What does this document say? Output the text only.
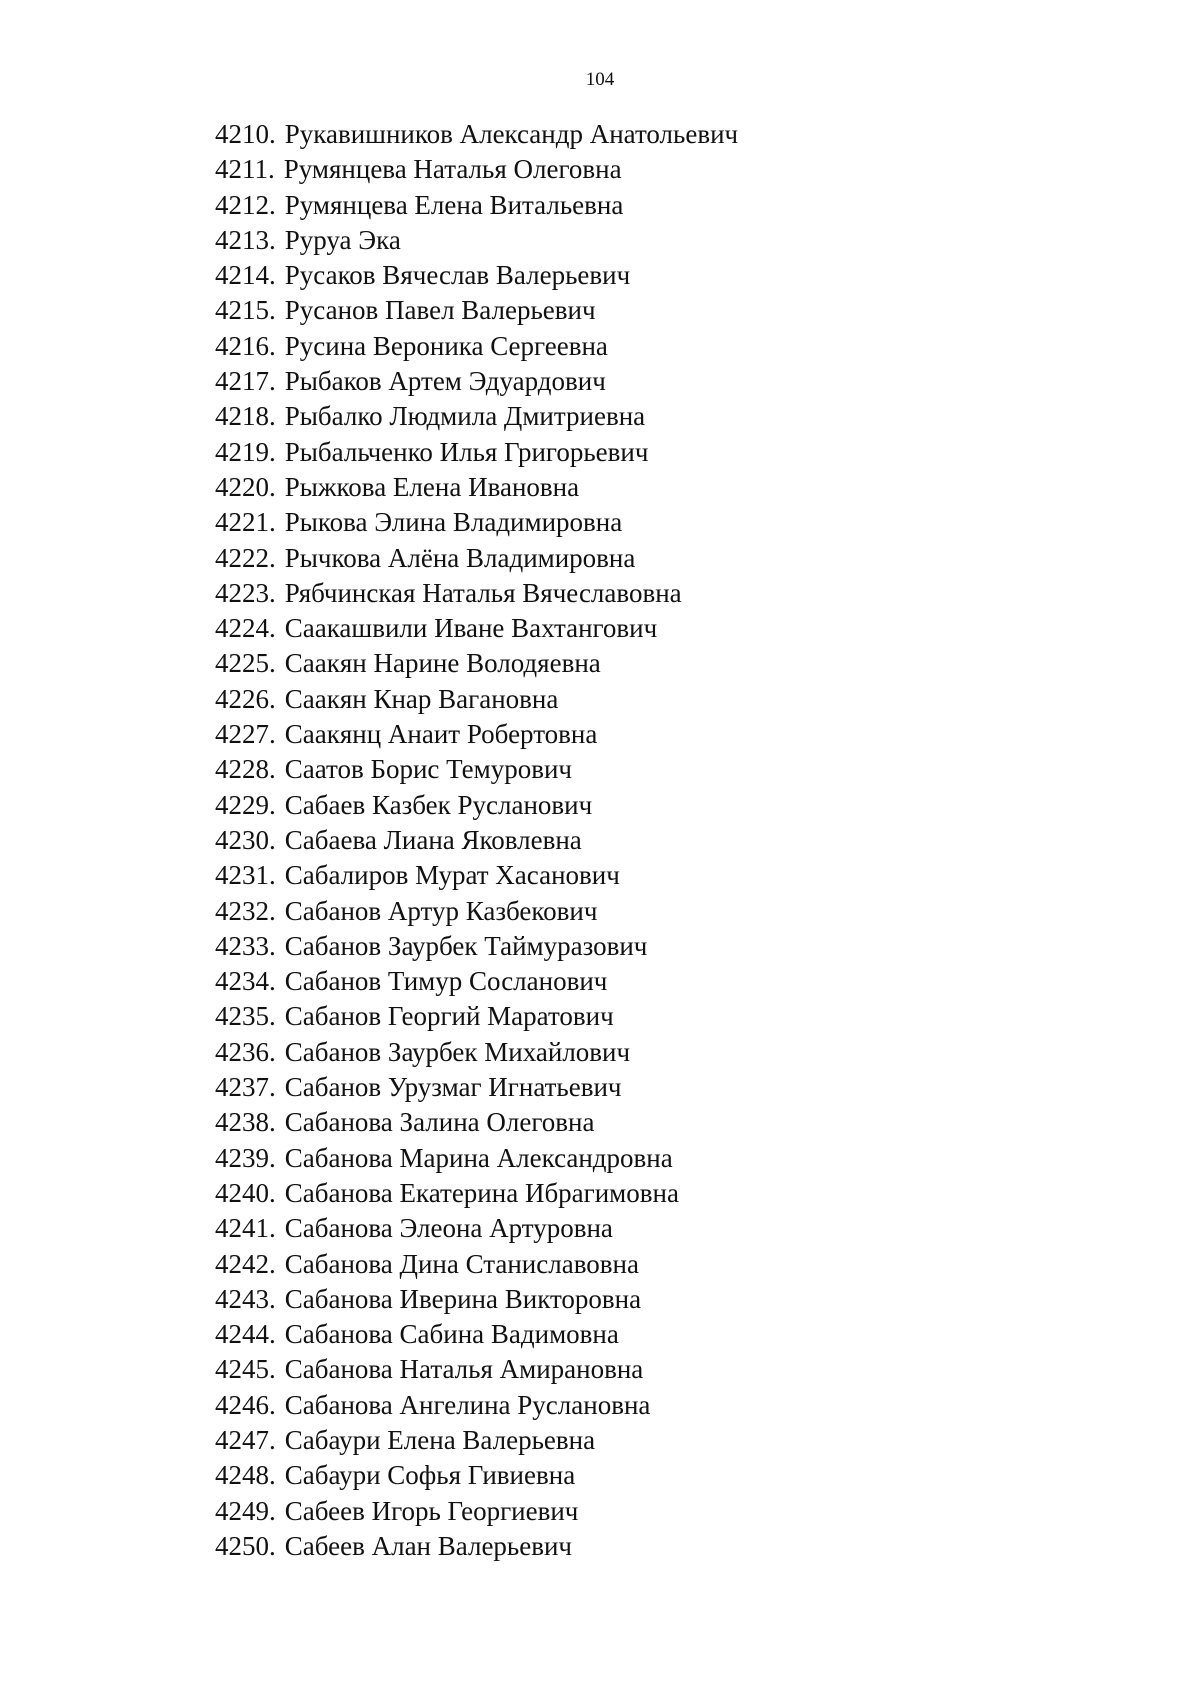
104
4210. Рукавишников Александр Анатольевич
4211. Румянцева Наталья Олеговна
4212. Румянцева Елена Витальевна
4213. Руруа Эка
4214. Русаков Вячеслав Валерьевич
4215. Русанов Павел Валерьевич
4216. Русина Вероника Сергеевна
4217. Рыбаков Артем Эдуардович
4218. Рыбалко Людмила Дмитриевна
4219. Рыбальченко Илья Григорьевич
4220. Рыжкова Елена Ивановна
4221. Рыкова Элина Владимировна
4222. Рычкова Алёна Владимировна
4223. Рябчинская Наталья Вячеславовна
4224. Саакашвили Иване Вахтангович
4225. Саакян Нарине Володяевна
4226. Саакян Кнар Вагановна
4227. Саакянц Анаит Робертовна
4228. Саатов Борис Темурович
4229. Сабаев Казбек Русланович
4230. Сабаева Лиана Яковлевна
4231. Сабалиров Мурат Хасанович
4232. Сабанов Артур Казбекович
4233. Сабанов Заурбек Таймуразович
4234. Сабанов Тимур Сосланович
4235. Сабанов Георгий Маратович
4236. Сабанов Заурбек Михайлович
4237. Сабанов Урузмаг Игнатьевич
4238. Сабанова Залина Олеговна
4239. Сабанова Марина Александровна
4240. Сабанова Екатерина Ибрагимовна
4241. Сабанова Элеона Артуровна
4242. Сабанова Дина Станиславовна
4243. Сабанова Иверина Викторовна
4244. Сабанова Сабина Вадимовна
4245. Сабанова Наталья Амирановна
4246. Сабанова Ангелина Руслановна
4247. Сабаури Елена Валерьевна
4248. Сабаури Софья Гивиевна
4249. Сабеев Игорь Георгиевич
4250. Сабеев Алан Валерьевич
